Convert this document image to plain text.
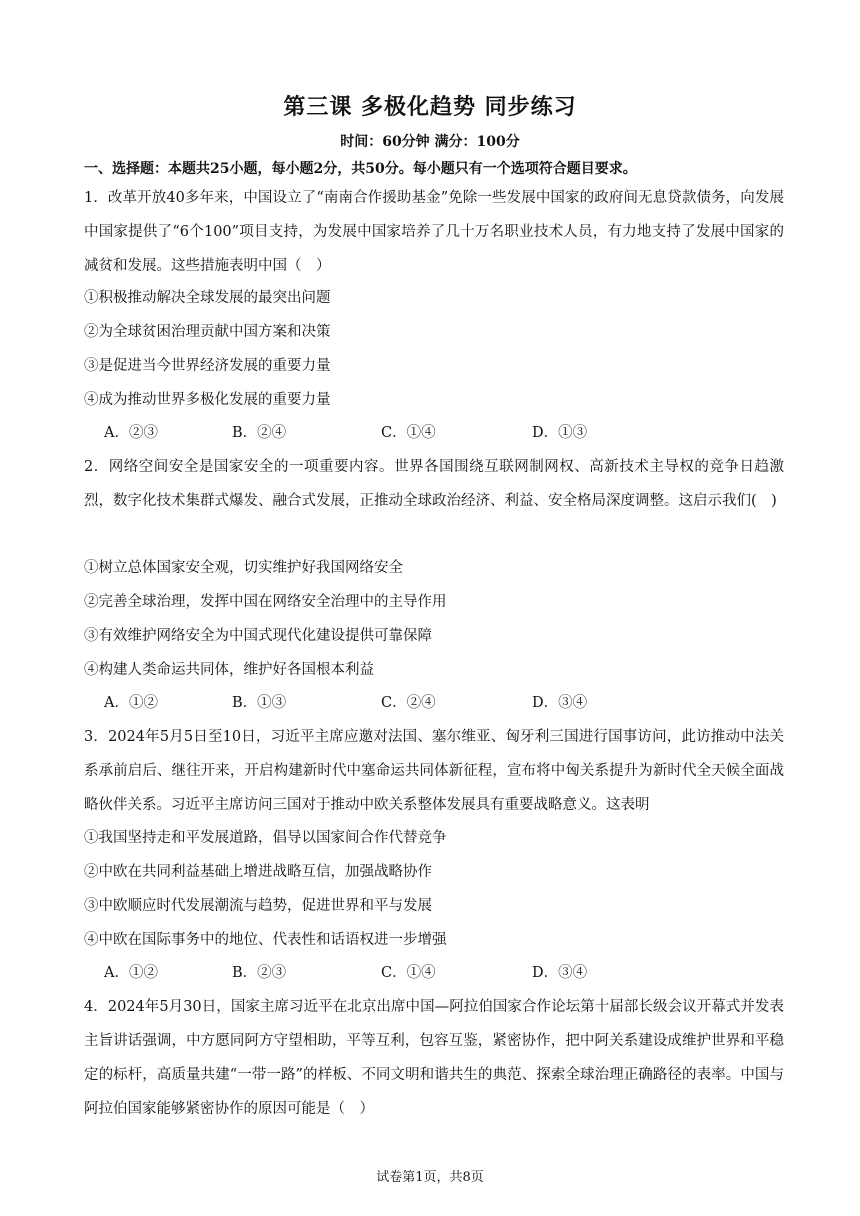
第三课 多极化趋势 同步练习
时间：60分钟 满分：100分
一、选择题：本题共25小题，每小题2分，共50分。每小题只有一个选项符合题目要求。
1．改革开放40多年来，中国设立了“南南合作援助基金”免除一些发展中国家的政府间无息贷款债务，向发展中国家提供了“6个100”项目支持，为发展中国家培养了几十万名职业技术人员，有力地支持了发展中国家的减贫和发展。这些措施表明中国（　）
①积极推动解决全球发展的最突出问题
②为全球贫困治理贡献中国方案和决策
③是促进当今世界经济发展的重要力量
④成为推动世界多极化发展的重要力量
A．②③	B．②④	C．①④	D．①③
2．网络空间安全是国家安全的一项重要内容。世界各国围绕互联网制网权、高新技术主导权的竞争日趋激烈，数字化技术集群式爆发、融合式发展，正推动全球政治经济、利益、安全格局深度调整。这启示我们(　)
①树立总体国家安全观，切实维护好我国网络安全
②完善全球治理，发挥中国在网络安全治理中的主导作用
③有效维护网络安全为中国式现代化建设提供可靠保障
④构建人类命运共同体，维护好各国根本利益
A．①②	B．①③	C．②④	D．③④
3．2024年5月5日至10日，习近平主席应邀对法国、塞尔维亚、匈牙利三国进行国事访问，此访推动中法关系承前启后、继往开来，开启构建新时代中塞命运共同体新征程，宣布将中匈关系提升为新时代全天候全面战略伙伴关系。习近平主席访问三国对于推动中欧关系整体发展具有重要战略意义。这表明
①我国坚持走和平发展道路，倡导以国家间合作代替竞争
②中欧在共同利益基础上增进战略互信，加强战略协作
③中欧顺应时代发展潮流与趋势，促进世界和平与发展
④中欧在国际事务中的地位、代表性和话语权进一步增强
A．①②	B．②③	C．①④	D．③④
4．2024年5月30日，国家主席习近平在北京出席中国—阿拉伯国家合作论坛第十届部长级会议开幕式并发表主旨讲话强调，中方愿同阿方守望相助，平等互利，包容互鉴，紧密协作，把中阿关系建设成维护世界和平稳定的标杆，高质量共建“一带一路”的样板、不同文明和谐共生的典范、探索全球治理正确路径的表率。中国与阿拉伯国家能够紧密协作的原因可能是（　）
试卷第1页，共8页
